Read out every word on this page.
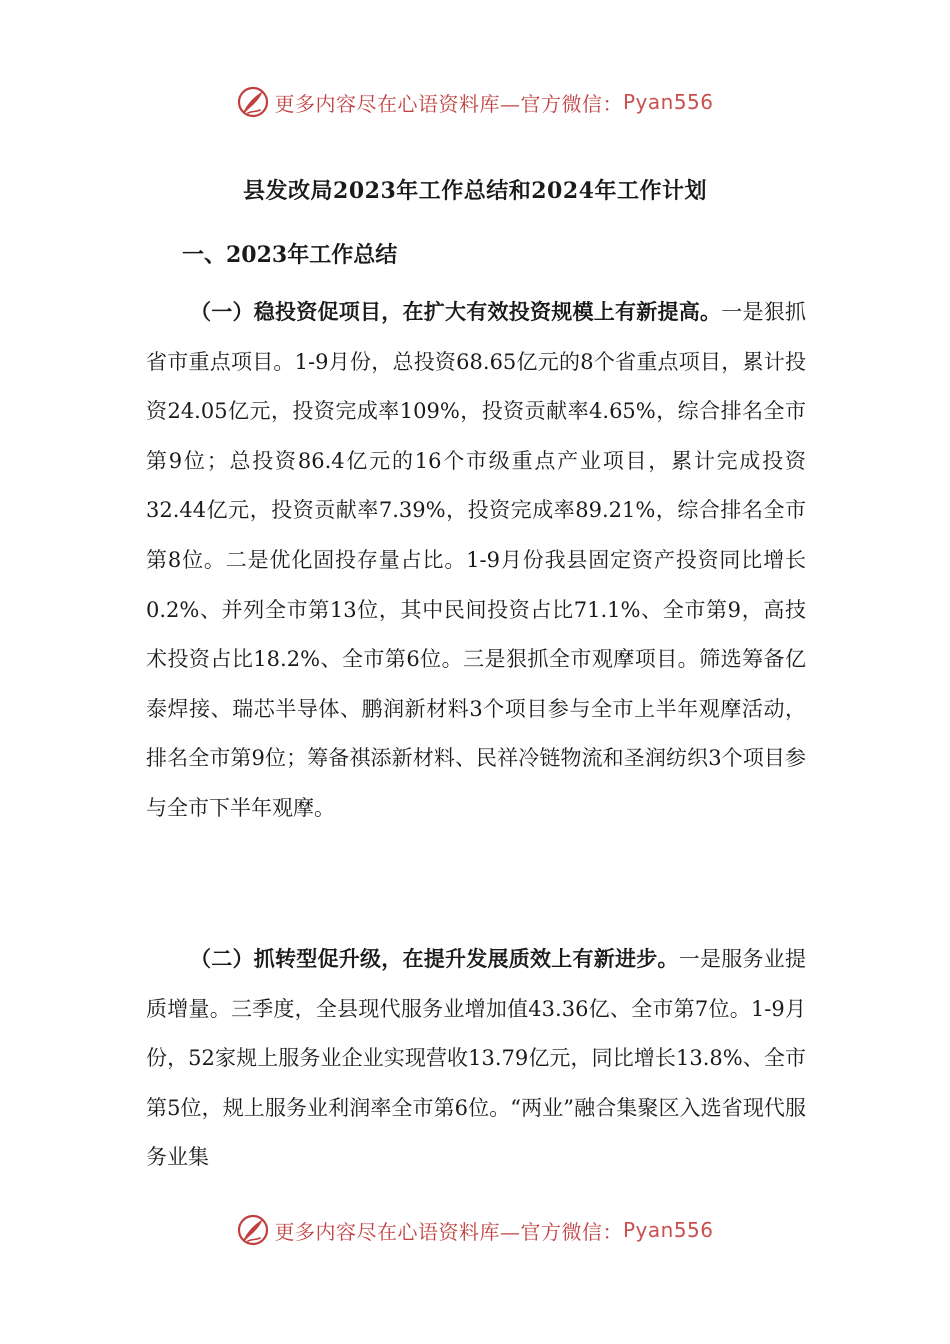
更多内容尽在心语资料库—官方微信： Pyan556
县发改局2023年工作总结和2024年工作计划
一、2023年工作总结

（一）稳投资促项目，在扩大有效投资规模上有新提高。一是狠抓省市重点项目。1-9月份，总投资68.65亿元的8个省重点项目，累计投资24.05亿元，投资完成率109%，投资贡献率4.65%，综合排名全市第9位；总投资86.4亿元的16个市级重点产业项目，累计完成投资32.44亿元，投资贡献率7.39%，投资完成率89.21%，综合排名全市第8位。二是优化固投存量占比。1-9月份我县固定资产投资同比增长0.2%、并列全市第13位，其中民间投资占比71.1%、全市第9，高技术投资占比18.2%、全市第6位。三是狠抓全市观摩项目。筛选筹备亿泰焊接、瑞芯半导体、鹏润新材料3个项目参与全市上半年观摩活动，排名全市第9位；筹备祺添新材料、民祥冷链物流和圣润纺织3个项目参与全市下半年观摩。

（二）抓转型促升级，在提升发展质效上有新进步。一是服务业提质增量。三季度，全县现代服务业增加值43.36亿、全市第7位。1-9月份，52家规上服务业企业实现营收13.79亿元，同比增长13.8%、全市第5位，规上服务业利润率全市第6位。“两业”融合集聚区入选省现代服务业集

更多内容尽在心语资料库—官方微信： Pyan556
